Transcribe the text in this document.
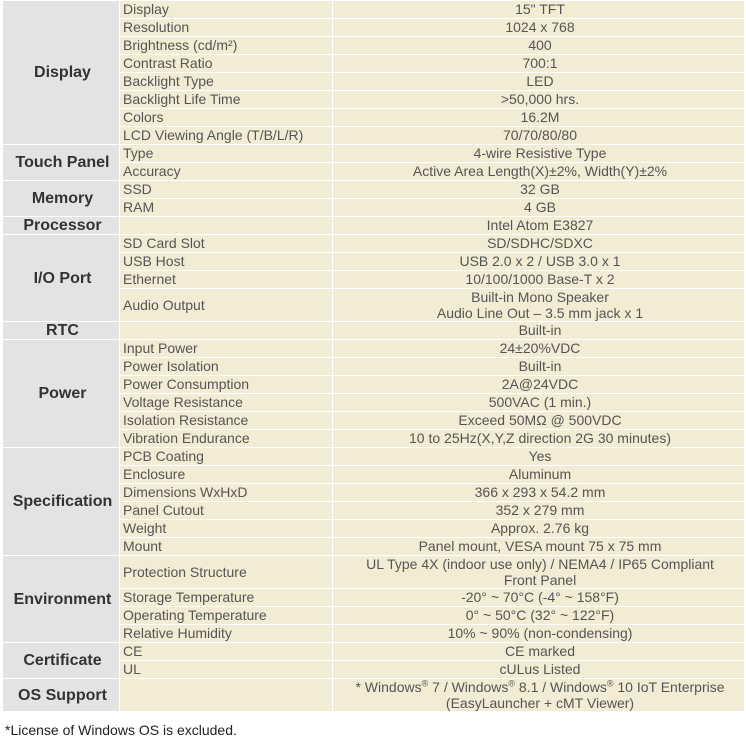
Display	Display	15" TFT

	Resolution	1024 x 768

	Brightness (cd/m²)	400

	Contrast Ratio	700:1

	Backlight Type	LED

	Backlight Life Time	>50,000 hrs.

	Colors	16.2M

	LCD Viewing Angle (T/B/L/R)	70/70/80/80

Touch Panel	Type	4-wire Resistive Type

	Accuracy	Active Area Length(X)±2%, Width(Y)±2%

Memory	SSD	32 GB

	RAM	4 GB

Processor		Intel Atom E3827

I/O Port	SD Card Slot	SD/SDHC/SDXC

	USB Host	USB 2.0 x 2 / USB 3.0 x 1

	Ethernet	10/100/1000 Base-T x 2

	Audio Output	Built-in Mono Speaker
Audio Line Out – 3.5 mm jack x 1

RTC		Built-in

Power	Input Power	24±20%VDC

	Power Isolation	Built-in

	Power Consumption	2A@24VDC

	Voltage Resistance	500VAC (1 min.)

	Isolation Resistance	Exceed 50MΩ @ 500VDC

	Vibration Endurance	10 to 25Hz(X,Y,Z direction 2G 30 minutes)

Specification	PCB Coating	Yes

	Enclosure	Aluminum

	Dimensions WxHxD	366 x 293 x 54.2 mm

	Panel Cutout	352 x 279 mm

	Weight	Approx. 2.76 kg

	Mount	Panel mount, VESA mount 75 x 75 mm

Environment	Protection Structure	UL Type 4X (indoor use only) / NEMA4 / IP65 Compliant
Front Panel

	Storage Temperature	-20° ~ 70°C (-4° ~ 158°F)

	Operating Temperature	0° ~ 50°C (32° ~ 122°F)

	Relative Humidity	10% ~ 90% (non-condensing)

Certificate	CE	CE marked

	UL	cULus Listed

OS Support		* Windows® 7 / Windows® 8.1 / Windows® 10 IoT Enterprise
(EasyLauncher + cMT Viewer)
*License of Windows OS is excluded.
